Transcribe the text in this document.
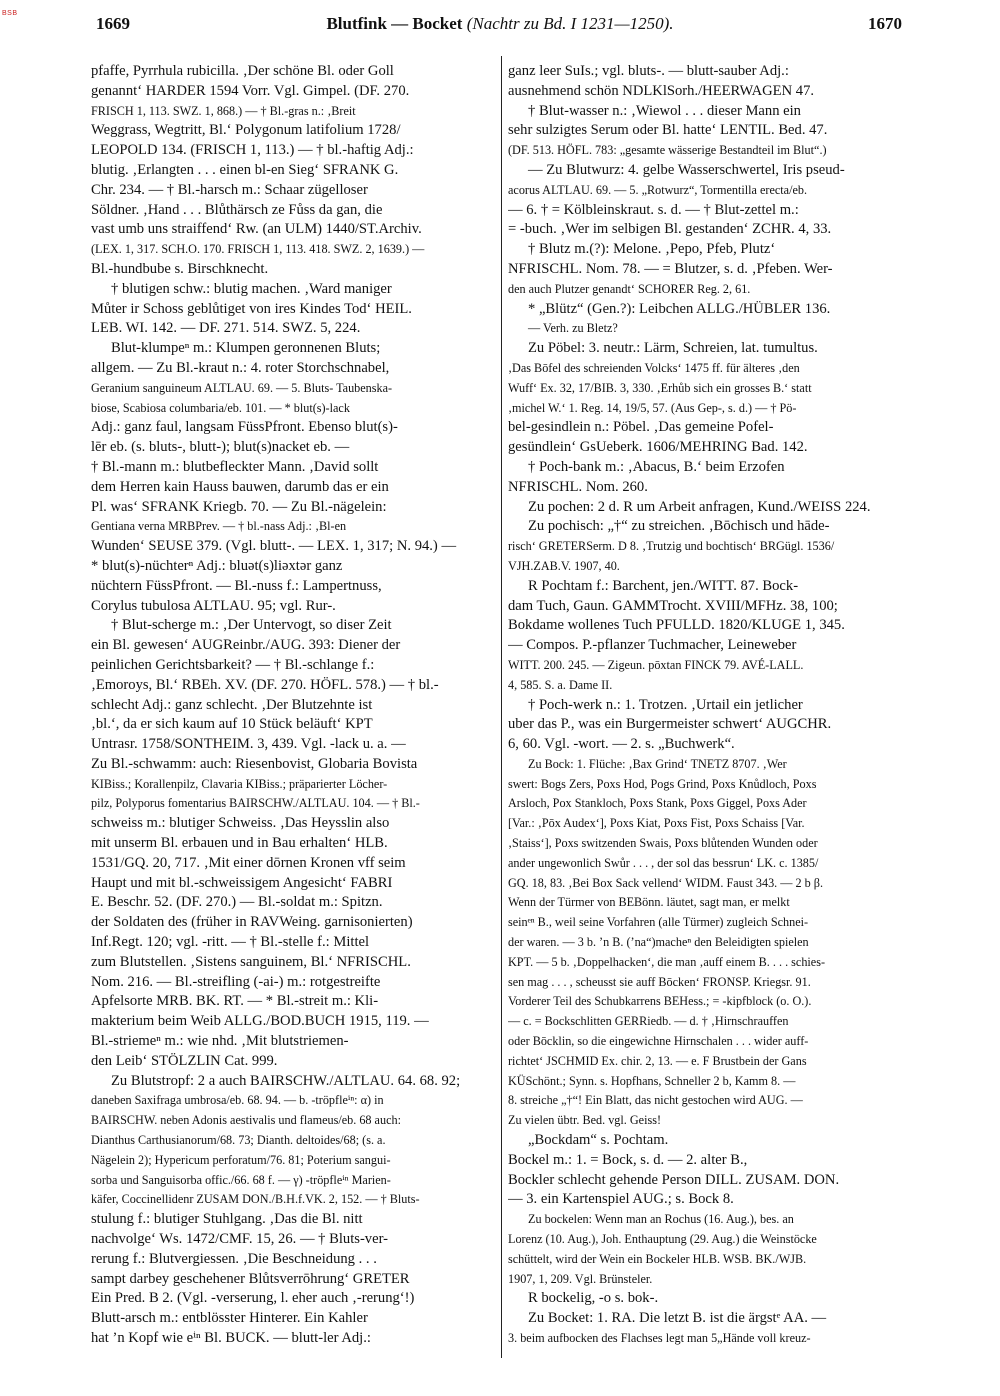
BSB
1669	Blutfink — Bocket (Nachtr zu Bd. I 1231—1250).	1670
pfaffe, Pyrrhula rubicilla. ‚Der schöne Bl. oder Goll
genannt‘ HARDER 1594 Vorr. Vgl. Gimpel. (DF. 270.
FRISCH 1, 113. SWZ. 1, 868.) — † Bl.-gras n.: ‚Breit
Weggrass, Wegtritt, Bl.‘ Polygonum latifolium 1728/
LEOPOLD 134. (FRISCH 1, 113.) — † bl.-haftig Adj.:
blutig. ‚Erlangten . . . einen bl-en Sieg‘ SFRANK G.
Chr. 234. — † Bl.-harsch m.: Schaar zügelloser
Söldner. ‚Hand . . . Blůthärsch ze Fůss da gan, die
vast umb uns straiffend‘ Rw. (an ULM) 1440/ST.Archiv.
(LEX. 1, 317. SCH.O. 170. FRISCH 1, 113. 418. SWZ. 2, 1639.) —
Bl.-hundbube s. Birschknecht.
† blutigen schw.: blutig machen. ‚Ward maniger
Můter ir Schoss geblůtiget von ires Kindes Tod‘ HEIL.
LEB. WI. 142. — DF. 271. 514. SWZ. 5, 224.
Blut-klumpeⁿ m.: Klumpen geronnenen Bluts;
allgem. — Zu Bl.-kraut n.: 4. roter Storchschnabel,
Geranium sanguineum ALTLAU. 69. — 5. Bluts- Taubenska-
biose, Scabiosa columbaria/eb. 101. — * blut(s)-lack
Adj.: ganz faul, langsam FüssPfront. Ebenso blut(s)-
lēr eb. (s. bluts-, blutt-); blut(s)nacket eb. —
† Bl.-mann m.: blutbefleckter Mann. ‚David sollt
dem Herren kain Hauss bauwen, darumb das er ein
Pl. was‘ SFRANK Kriegb. 70. — Zu Bl.-nägelein:
Gentiana verna MRBPrev. — † bl.-nass Adj.: ‚Bl-en
Wunden‘ SEUSE 379. (Vgl. blutt-. — LEX. 1, 317; N. 94.) —
* blut(s)-nüchterⁿ Adj.: bluət(s)liəxtər ganz
nüchtern FüssPfront. — Bl.-nuss f.: Lampertnuss,
Corylus tubulosa ALTLAU. 95; vgl. Rur-.
† Blut-scherge m.: ‚Der Untervogt, so diser Zeit
ein Bl. gewesen‘ AUGReinbr./AUG. 393: Diener der
peinlichen Gerichtsbarkeit? — † Bl.-schlange f.:
‚Emoroys, Bl.‘ RBEh. XV. (DF. 270. HÖFL. 578.) — † bl.-
schlecht Adj.: ganz schlecht. ‚Der Blutzehnte ist
‚bl.‘, da er sich kaum auf 10 Stück beläuft‘ KPT
Untrasr. 1758/SONTHEIM. 3, 439. Vgl. -lack u. a. —
Zu Bl.-schwamm: auch: Riesenbovist, Globaria Bovista
KIBiss.; Korallenpilz, Clavaria KIBiss.; präparierter Löcher-
pilz, Polyporus fomentarius BAIRSCHW./ALTLAU. 104. — † Bl.-
schweiss m.: blutiger Schweiss. ‚Das Heysslin also
mit unserm Bl. erbauen und in Bau erhalten‘ HLB.
1531/GQ. 20, 717. ‚Mit einer dōrnen Kronen vff seim
Haupt und mit bl.-schweissigem Angesicht‘ FABRI
E. Beschr. 52. (DF. 270.) — Bl.-soldat m.: Spitzn.
der Soldaten des (früher in RAVWeing. garnisonierten)
Inf.Regt. 120; vgl. -ritt. — † Bl.-stelle f.: Mittel
zum Blutstellen. ‚Sistens sanguinem, Bl.‘ NFRISCHL.
Nom. 216. — Bl.-streifling (-ai-) m.: rotgestreifte
Apfelsorte MRB. BK. RT. — * Bl.-streit m.: Kli-
makterium beim Weib ALLG./BOD.BUCH 1915, 119. —
Bl.-striemeⁿ m.: wie nhd. ‚Mit blutstriemen-
den Leib‘ STÖLZLIN Cat. 999.
Zu Blutstropf: 2 a auch BAIRSCHW./ALTLAU. 64. 68. 92;
daneben Saxifraga umbrosa/eb. 68. 94. — b. -tröpfleⁱⁿ: α) in
BAIRSCHW. neben Adonis aestivalis und flameus/eb. 68 auch:
Dianthus Carthusianorum/68. 73; Dianth. deltoides/68; (s. a.
Nägelein 2); Hypericum perforatum/76. 81; Poterium sangui-
sorba und Sanguisorba offic./66. 68 f. — γ) -tröpfleⁱⁿ Marien-
käfer, Coccinellidenr ZUSAM DON./B.H.f.VK. 2, 152. — † Bluts-
stulung f.: blutiger Stuhlgang. ‚Das die Bl. nitt
nachvolge‘ Ws. 1472/CMF. 15, 26. — † Bluts-ver-
rerung f.: Blutvergiessen. ‚Die Beschneidung . . .
sampt darbey geschehener Blůtsverrōhrung‘ GRETER
Ein Pred. B 2. (Vgl. -verserung, l. eher auch ‚-rerung‘!)
Blutt-arsch m.: entblösster Hinterer. Ein Kahler
hat ’n Kopf wie eⁱⁿ Bl. BUCK. — blutt-ler Adj.:
ganz leer SuIs.; vgl. bluts-. — blutt-sauber Adj.:
ausnehmend schön NDLKlSorh./HEERWAGEN 47.
† Blut-wasser n.: ‚Wiewol . . . dieser Mann ein
sehr sulzigtes Serum oder Bl. hatte‘ LENTIL. Bed. 47.
(DF. 513. HÖFL. 783: „gesamte wässerige Bestandteil im Blut“.)
— Zu Blutwurz: 4. gelbe Wasserschwertel, Iris pseud-
acorus ALTLAU. 69. — 5. „Rotwurz“, Tormentilla erecta/eb.
— 6. † = Kölbleinskraut. s. d. — † Blut-zettel m.:
= -buch. ‚Wer im selbigen Bl. gestanden‘ ZCHR. 4, 33.
† Blutz m.(?): Melone. ‚Pepo, Pfeb, Plutz‘
NFRISCHL. Nom. 78. — = Blutzer, s. d. ‚Pfeben. Wer-
den auch Plutzer genandt‘ SCHORER Reg. 2, 61.
* „Blütz“ (Gen.?): Leibchen ALLG./HÜBLER 136.
— Verh. zu Bletz?
Zu Pöbel: 3. neutr.: Lärm, Schreien, lat. tumultus.
‚Das Bōfel des schreienden Volcks‘ 1475 ff. für älteres ‚den
Wuff‘ Ex. 32, 17/BIB. 3, 330. ‚Erhůb sich ein grosses B.‘ statt
‚michel W.‘ 1. Reg. 14, 19/5, 57. (Aus Gep-, s. d.) — † Pö-
bel-gesindlein n.: Pöbel. ‚Das gemeine Pofel-
gesündlein‘ GsUeberk. 1606/MEHRING Bad. 142.
† Poch-bank m.: ‚Abacus, B.‘ beim Erzofen
NFRISCHL. Nom. 260.
Zu pochen: 2 d. R um Arbeit anfragen, Kund./WEISS 224.
Zu pochisch: „†“ zu streichen. ‚Bōchisch und hāde-
risch‘ GRETERSerm. D 8. ‚Trutzig und bochtisch‘ BRGügl. 1536/
VJH.ZAB.V. 1907, 40.
R Pochtam f.: Barchent, jen./WITT. 87. Bock-
dam Tuch, Gaun. GAMMTrocht. XVIII/MFHz. 38, 100;
Bokdame wollenes Tuch PFULLD. 1820/KLUGE 1, 345.
— Compos. P.-pflanzer Tuchmacher, Leineweber
WITT. 200. 245. — Zigeun. pōxtan FINCK 79. AVÉ-LALL.
4, 585. S. a. Dame II.
† Poch-werk n.: 1. Trotzen. ‚Urtail ein jetlicher
uber das P., was ein Burgermeister schwert‘ AUGCHR.
6, 60. Vgl. -wort. — 2. s. „Buchwerk“.
Zu Bock: 1. Flüche: ‚Bax Grind‘ TNETZ 8707. ‚Wer
swert: Bogs Zers, Poxs Hod, Pogs Grind, Poxs Knůdloch, Poxs
Arsloch, Pox Stankloch, Poxs Stank, Poxs Giggel, Poxs Ader
[Var.: ‚Pōx Audex‘], Poxs Kiat, Poxs Fist, Poxs Schaiss [Var.
‚Staiss‘], Poxs switzenden Swais, Poxs blůtenden Wunden oder
ander ungewonlich Swůr . . . , der sol das bessrun‘ LK. c. 1385/
GQ. 18, 83. ‚Bei Box Sack vellend‘ WIDM. Faust 343. — 2 b β.
Wenn der Türmer von BEBönn. läutet, sagt man, er melkt
seinᵉⁿ B., weil seine Vorfahren (alle Türmer) zugleich Schnei-
der waren. — 3 b. ’n B. (’na“)macheⁿ den Beleidigten spielen
KPT. — 5 b. ‚Doppelhacken‘, die man ‚auff einem B. . . . schies-
sen mag . . . , scheusst sie auff Bōcken‘ FRONSP. Kriegsr. 91.
Vorderer Teil des Schubkarrens BEHess.; = -kipfblock (o. O.).
— c. = Bockschlitten GERRiedb. — d. † ‚Hirnschrauffen
oder Bōcklin, so die eingewichne Hirnschalen . . . wider auff-
richtet‘ JSCHMID Ex. chir. 2, 13. — e. F Brustbein der Gans
KÜSchönt.; Synn. s. Hopfhans, Schneller 2 b, Kamm 8. —
8. streiche „†“! Ein Blatt, das nicht gestochen wird AUG. —
Zu vielen übtr. Bed. vgl. Geiss!
„Bockdam“ s. Pochtam.
Bockel m.: 1. = Bock, s. d. — 2. alter B.,
Bockler schlecht gehende Person DILL. ZUSAM. DON.
— 3. ein Kartenspiel AUG.; s. Bock 8.
Zu bockelen: Wenn man an Rochus (16. Aug.), bes. an
Lorenz (10. Aug.), Joh. Enthauptung (29. Aug.) die Weinstöcke
schüttelt, wird der Wein ein Bockeler HLB. WSB. BK./WJB.
1907, 1, 209. Vgl. Brünsteler.
R bockelig, -o s. bok-.
Zu Bocket: 1. RA. Die letzt B. ist die ärgstᵉ AA. —
3. beim aufbocken des Flachses legt man 5„Hände voll kreuz-
